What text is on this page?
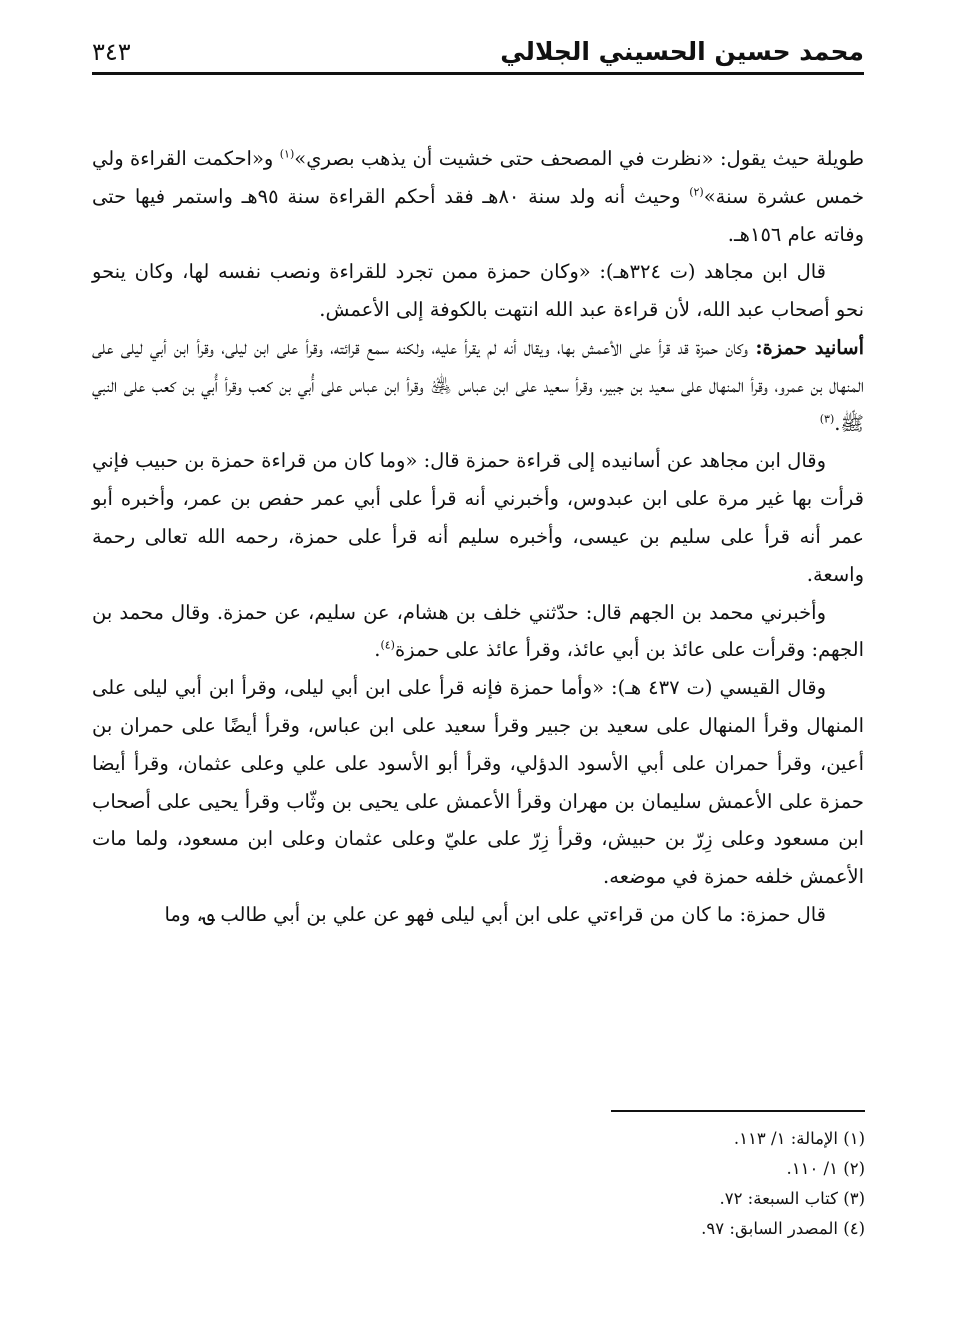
محمد حسين الحسيني الجلالي
٣٤٣

طويلة حيث يقول: «نظرت في المصحف حتى خشيت أن يذهب بصري»$^{(١)}$ و«احكمت القراءة ولي خمس عشرة سنة»$^{(٢)}$ وحيث أنه ولد سنة ٨٠هـ فقد أحكم القراءة سنة ٩٥هـ واستمر فيها حتى وفاته عام ١٥٦هـ.

قال ابن مجاهد (ت ٣٢٤هـ): «وكان حمزة ممن تجرد للقراءة ونصب نفسه لها، وكان ينحو نحو أصحاب عبد الله، لأن قراءة عبد الله انتهت بالكوفة إلى الأعمش.

أسانيد حمزة: وكان حمزة قد قرأ على الأعمش بها، ويقال أنه لم يقرأ عليه، ولكنه سمع قرائته، وقرأ على ابن ليلى، وقرأ ابن أبي ليلى على المنهال بن عمرو، وقرأ المنهال على سعيد بن جبير، وقرأ سعيد على ابن عباس ﵁ وقرأ ابن عباس على أُبي بن كعب وقرأ أُبي بن كعب على النبي ﷺ.$^{(٣)}$

وقال ابن مجاهد عن أسانيده إلى قراءة حمزة قال: «وما كان من قراءة حمزة بن حبيب فإني قرأت بها غير مرة على ابن عبدوس، وأخبرني أنه قرأ على أبي عمر حفص بن عمر، وأخبره أبو عمر أنه قرأ على سليم بن عيسى، وأخبره سليم أنه قرأ على حمزة، رحمه الله تعالى رحمة واسعة.

وأخبرني محمد بن الجهم قال: حدّثني خلف بن هشام، عن سليم، عن حمزة. وقال محمد بن الجهم: وقرأت على عائذ بن أبي عائذ، وقرأ عائذ على حمزة$^{(٤)}$.

وقال القيسي (ت ٤٣٧ هـ): «وأما حمزة فإنه قرأ على ابن أبي ليلى، وقرأ ابن أبي ليلى على المنهال وقرأ المنهال على سعيد بن جبير وقرأ سعيد على ابن عباس، وقرأ أيضًا على حمران بن أعين، وقرأ حمران على أبي الأسود الدؤلي، وقرأ أبو الأسود على علي وعلى عثمان، وقرأ أيضا حمزة على الأعمش سليمان بن مهران وقرأ الأعمش على يحيى بن وثّاب وقرأ يحيى على أصحاب ابن مسعود وعلى زِرّ بن حبيش، وقرأ زِرّ على عليّ وعلى عثمان وعلى ابن مسعود، ولما مات الأعمش خلفه حمزة في موضعه.

قال حمزة: ما كان من قراءتي على ابن أبي ليلى فهو عن علي بن أبي طالب ؈، وما

(١) الإمالة: ١/ ١١٣.

(٢) ١/ ١١٠.

(٣) كتاب السبعة: ٧٢.

(٤) المصدر السابق: ٩٧.
